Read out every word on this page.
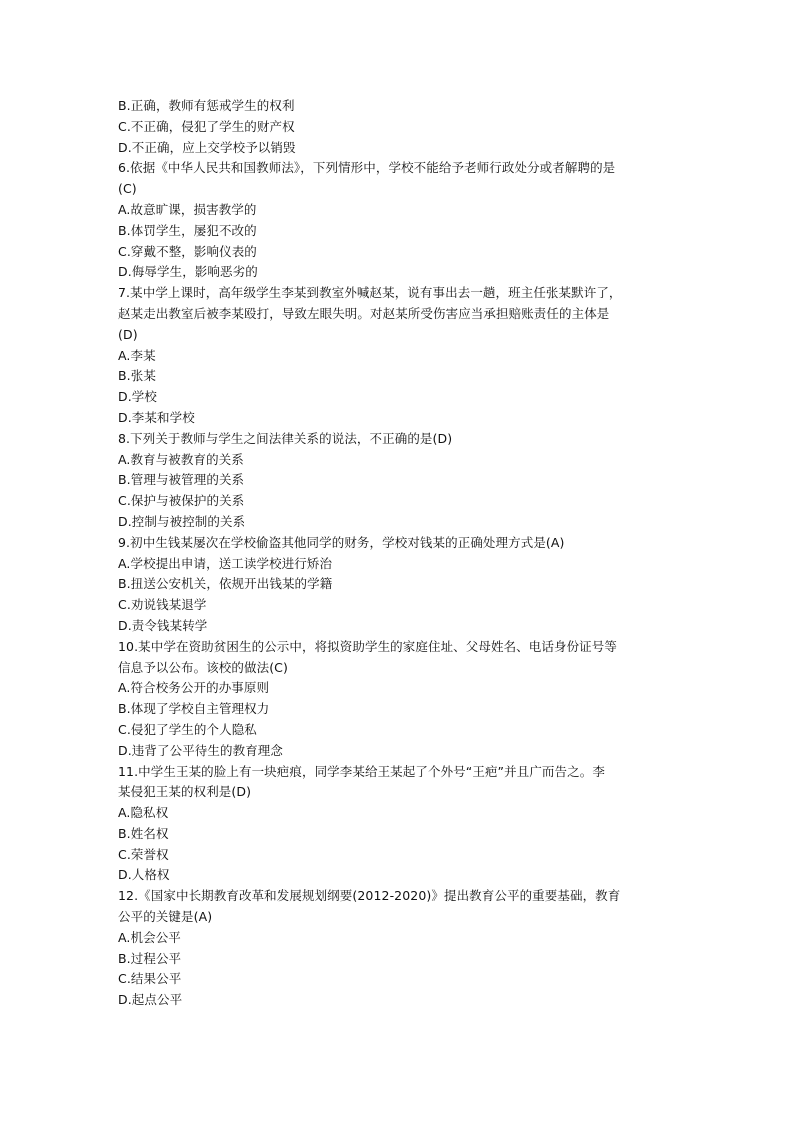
B.正确，教师有惩戒学生的权利
C.不正确，侵犯了学生的财产权
D.不正确，应上交学校予以销毁
6.依据《中华人民共和国教师法》，下列情形中，学校不能给予老师行政处分或者解聘的是
(C)
A.故意旷课，损害教学的
B.体罚学生，屡犯不改的
C.穿戴不整，影响仪表的
D.侮辱学生，影响恶劣的
7.某中学上课时，高年级学生李某到教室外喊赵某，说有事出去一趟，班主任张某默许了，
赵某走出教室后被李某殴打，导致左眼失明。对赵某所受伤害应当承担赔账责任的主体是
(D)
A.李某
B.张某
D.学校
D.李某和学校
8.下列关于教师与学生之间法律关系的说法，不正确的是(D)
A.教育与被教育的关系
B.管理与被管理的关系
C.保护与被保护的关系
D.控制与被控制的关系
9.初中生钱某屡次在学校偷盗其他同学的财务，学校对钱某的正确处理方式是(A)
A.学校提出申请，送工读学校进行矫治
B.扭送公安机关，依规开出钱某的学籍
C.劝说钱某退学
D.责令钱某转学
10.某中学在资助贫困生的公示中，将拟资助学生的家庭住址、父母姓名、电话身份证号等
信息予以公布。该校的做法(C)
A.符合校务公开的办事原则
B.体现了学校自主管理权力
C.侵犯了学生的个人隐私
D.违背了公平待生的教育理念
11.中学生王某的脸上有一块疤痕，同学李某给王某起了个外号“王疤”并且广而告之。李
某侵犯王某的权利是(D)
A.隐私权
B.姓名权
C.荣誉权
D.人格权
12.《国家中长期教育改革和发展规划纲要(2012-2020)》提出教育公平的重要基础，教育
公平的关键是(A)
A.机会公平
B.过程公平
C.结果公平
D.起点公平
